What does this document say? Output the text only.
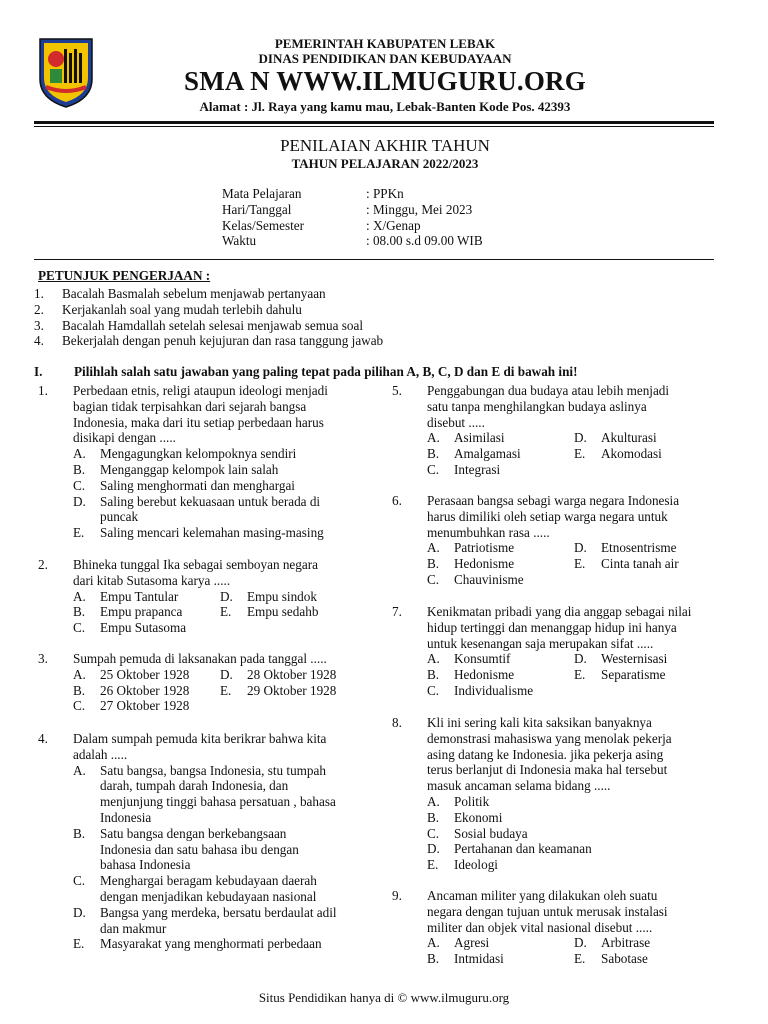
PEMERINTAH KABUPATEN LEBAK
DINAS PENDIDIKAN DAN KEBUDAYAAN
SMA N WWW.ILMUGURU.ORG
Alamat : Jl. Raya yang kamu mau, Lebak-Banten Kode Pos. 42393
PENILAIAN AKHIR TAHUN
TAHUN PELAJARAN 2022/2023
Mata Pelajaran	: PPKn
Hari/Tanggal	: Minggu, Mei 2023
Kelas/Semester	: X/Genap
Waktu	: 08.00 s.d 09.00 WIB
PETUNJUK PENGERJAAN :
1. Bacalah Basmalah sebelum menjawab pertanyaan
2. Kerjakanlah soal yang mudah terlebih dahulu
3. Bacalah Hamdallah setelah selesai menjawab semua soal
4. Bekerjalah dengan penuh kejujuran dan rasa tanggung jawab
I. Pilihlah salah satu jawaban yang paling tepat pada pilihan A, B, C, D dan E di bawah ini!
1. Perbedaan etnis, religi ataupun ideologi menjadi
bagian tidak terpisahkan dari sejarah bangsa
Indonesia, maka dari itu setiap perbedaan harus
disikapi dengan .....
A. Mengagungkan kelompoknya sendiri
B. Menganggap kelompok lain salah
C. Saling menghormati dan menghargai
D. Saling berebut kekuasaan untuk berada di
puncak
E. Saling mencari kelemahan masing-masing
2. Bhineka tunggal Ika sebagai semboyan negara
dari kitab Sutasoma karya .....
A. Empu Tantular	D. Empu sindok
B. Empu prapanca	E. Empu sedahb
C. Empu Sutasoma
3. Sumpah pemuda di laksanakan pada tanggal .....
A. 25 Oktober 1928 D. 28 Oktober 1928
B. 26 Oktober 1928 E. 29 Oktober 1928
C. 27 Oktober 1928
4. Dalam sumpah pemuda kita berikrar bahwa kita
adalah .....
A. Satu bangsa, bangsa Indonesia, stu tumpah
darah, tumpah darah Indonesia, dan
menjunjung tinggi bahasa persatuan , bahasa
Indonesia
B. Satu bangsa dengan berkebangsaan
Indonesia dan satu bahasa ibu dengan
bahasa Indonesia
C. Menghargai beragam kebudayaan daerah
dengan menjadikan kebudayaan nasional
D. Bangsa yang merdeka, bersatu berdaulat adil
dan makmur
E. Masyarakat yang menghormati perbedaan
5. Penggabungan dua budaya atau lebih menjadi
satu tanpa menghilangkan budaya aslinya
disebut .....
A. Asimilasi	D. Akulturasi
B. Amalgamasi	E. Akomodasi
C. Integrasi
6. Perasaan bangsa sebagi warga negara Indonesia
harus dimiliki oleh setiap warga negara untuk
menumbuhkan rasa .....
A. Patriotisme	D. Etnosentrisme
B. Hedonisme	E. Cinta tanah air
C. Chauvinisme
7. Kenikmatan pribadi yang dia anggap sebagai nilai
hidup tertinggi dan menanggap hidup ini hanya
untuk kesenangan saja merupakan sifat .....
A. Konsumtif	D. Westernisasi
B. Hedonisme	E. Separatisme
C. Individualisme
8. Kli ini sering kali kita saksikan banyaknya
demonstrasi mahasiswa yang menolak pekerja
asing datang ke Indonesia. jika pekerja asing
terus berlanjut di Indonesia maka hal tersebut
masuk ancaman selama bidang .....
A. Politik
B. Ekonomi
C. Sosial budaya
D. Pertahanan dan keamanan
E. Ideologi
9. Ancaman militer yang dilakukan oleh suatu
negara dengan tujuan untuk merusak instalasi
militer dan objek vital nasional disebut .....
A. Agresi	D. Arbitrase
B. Intmidasi	E. Sabotase
Situs Pendidikan hanya di © www.ilmuguru.org
